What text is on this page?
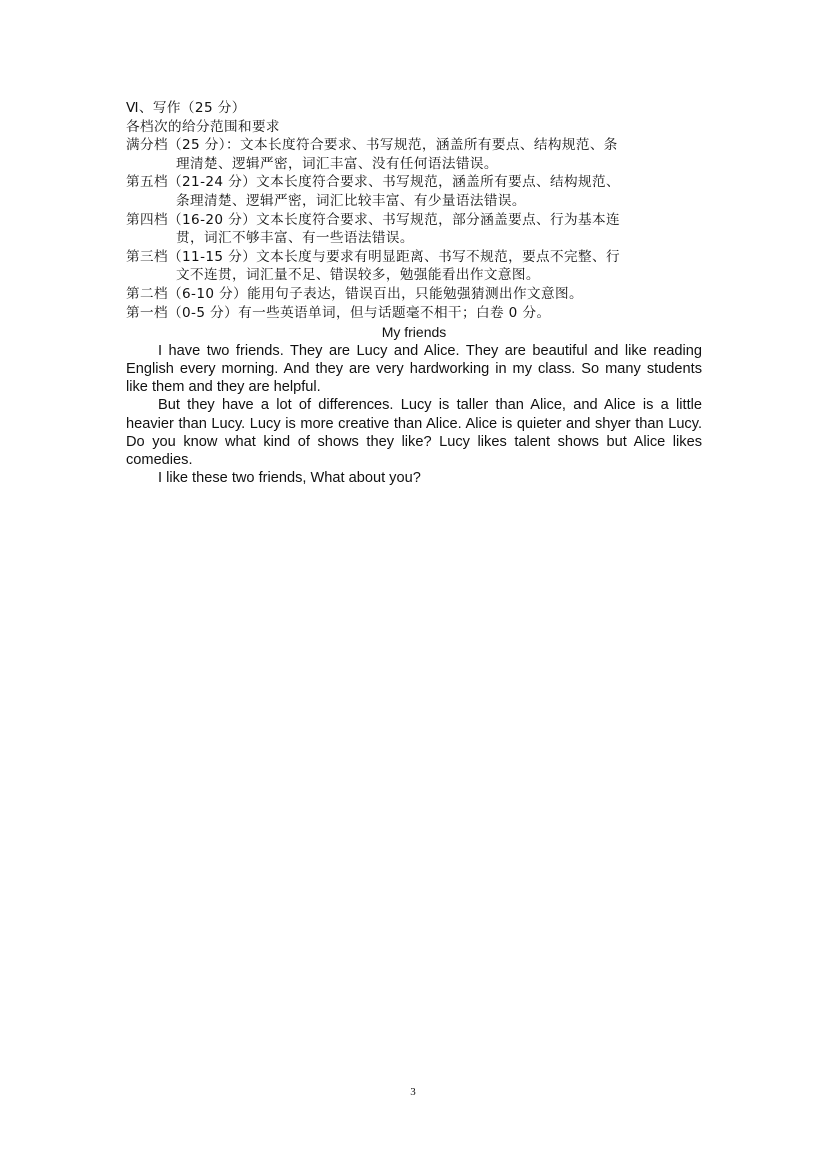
Ⅵ、写作（25 分）
各档次的给分范围和要求
满分档（25 分）：文本长度符合要求、书写规范，涵盖所有要点、结构规范、条
理清楚、逻辑严密，词汇丰富、没有任何语法错误。
第五档（21-24 分）文本长度符合要求、书写规范，涵盖所有要点、结构规范、
条理清楚、逻辑严密，词汇比较丰富、有少量语法错误。
第四档（16-20 分）文本长度符合要求、书写规范，部分涵盖要点、行为基本连
贯，词汇不够丰富、有一些语法错误。
第三档（11-15 分）文本长度与要求有明显距离、书写不规范，要点不完整、行
文不连贯，词汇量不足、错误较多，勉强能看出作文意图。
第二档（6-10 分）能用句子表达，错误百出，只能勉强猜测出作文意图。
第一档（0-5 分）有一些英语单词，但与话题毫不相干；白卷 0 分。
My friends

I have two friends. They are Lucy and Alice. They are beautiful and like reading English every morning. And they are very hardworking in my class. So many students like them and they are helpful.

But they have a lot of differences. Lucy is taller than Alice, and Alice is a little heavier than Lucy. Lucy is more creative than Alice. Alice is quieter and shyer than Lucy. Do you know what kind of shows they like? Lucy likes talent shows but Alice likes comedies.

I like these two friends, What about you?

3
